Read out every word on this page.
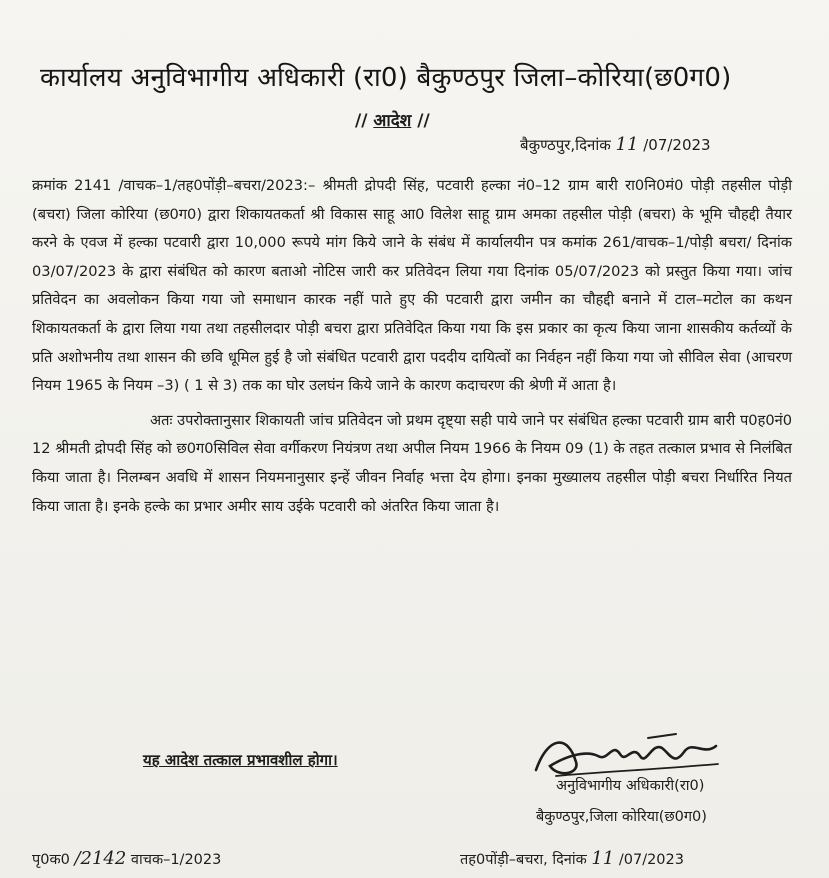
कार्यालय अनुविभागीय अधिकारी (रा0) बैकुण्ठपुर जिला–कोरिया(छ0ग0)
// आदेश //
बैकुण्ठपुर,दिनांक 11 /07/2023

क्रमांक 2141 /वाचक–1/तह0पोंड़ी–बचरा/2023:– श्रीमती द्रोपदी सिंह, पटवारी हल्का नं0–12 ग्राम बारी रा0नि0मं0 पोड़ी तहसील पोड़ी (बचरा) जिला कोरिया (छ0ग0) द्वारा शिकायतकर्ता श्री विकास साहू आ0 विलेश साहू ग्राम अमका तहसील पोड़ी (बचरा) के भूमि चौहद्दी तैयार करने के एवज में हल्का पटवारी द्वारा 10,000 रूपये मांग किये जाने के संबंध में कार्यालयीन पत्र कमांक 261/वाचक–1/पोड़ी बचरा/ दिनांक 03/07/2023 के द्वारा संबंधित को कारण बताओ नोटिस जारी कर प्रतिवेदन लिया गया दिनांक 05/07/2023 को प्रस्तुत किया गया। जांच प्रतिवेदन का अवलोकन किया गया जो समाधान कारक नहीं पाते हुए की पटवारी द्वारा जमीन का चौहद्दी बनाने में टाल–मटोल का कथन शिकायतकर्ता के द्वारा लिया गया तथा तहसीलदार पोड़ी बचरा द्वारा प्रतिवेदित किया गया कि इस प्रकार का कृत्य किया जाना शासकीय कर्तव्यों के प्रति अशोभनीय तथा शासन की छवि धूमिल हुई है जो संबंधित पटवारी द्वारा पददीय दायित्वों का निर्वहन नहीं किया गया जो सीविल सेवा (आचरण नियम 1965 के नियम –3) ( 1 से 3) तक का घोर उलघंन किये जाने के कारण कदाचरण की श्रेणी में आता है।

अतः उपरोक्तानुसार शिकायती जांच प्रतिवेदन जो प्रथम दृष्ट्या सही पाये जाने पर संबंधित हल्का पटवारी ग्राम बारी प0ह0नं0 12 श्रीमती द्रोपदी सिंह को छ0ग0सिविल सेवा वर्गीकरण नियंत्रण तथा अपील नियम 1966 के नियम 09 (1) के तहत तत्काल प्रभाव से निलंबित किया जाता है। निलम्बन अवधि में शासन नियमनानुसार इन्हें जीवन निर्वाह भत्ता देय होगा। इनका मुख्यालय तहसील पोड़ी बचरा निर्धारित नियत किया जाता है। इनके हल्के का प्रभार अमीर साय उईके पटवारी को अंतरित किया जाता है।

यह आदेश तत्काल प्रभावशील होगा।
अनुविभागीय अधिकारी(रा0)
बैकुण्ठपुर,जिला कोरिया(छ0ग0)
पृ0क0 /2142 वाचक–1/2023	तह0पोंड़ी–बचरा, दिनांक 11 /07/2023
